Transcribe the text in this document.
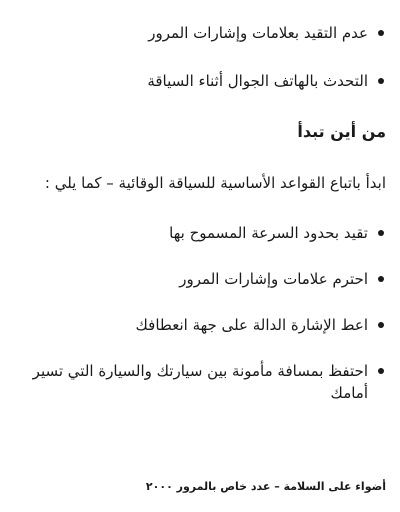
عدم التقيد بعلامات وإشارات المرور
التحدث بالهاتف الجوال أثناء السياقة
من أين تبدأ

ابدأ باتباع القواعد الأساسية للسياقة الوقائية – كما يلي :

تقيد بحدود السرعة المسموح بها
احترم علامات وإشارات المرور
اعط الإشارة الدالة على جهة انعطافك
احتفظ بمسافة مأمونة بين سيارتك والسيارة التي تسير أمامك

أضواء على السلامة – عدد خاص بالمرور ٢٠٠٠
